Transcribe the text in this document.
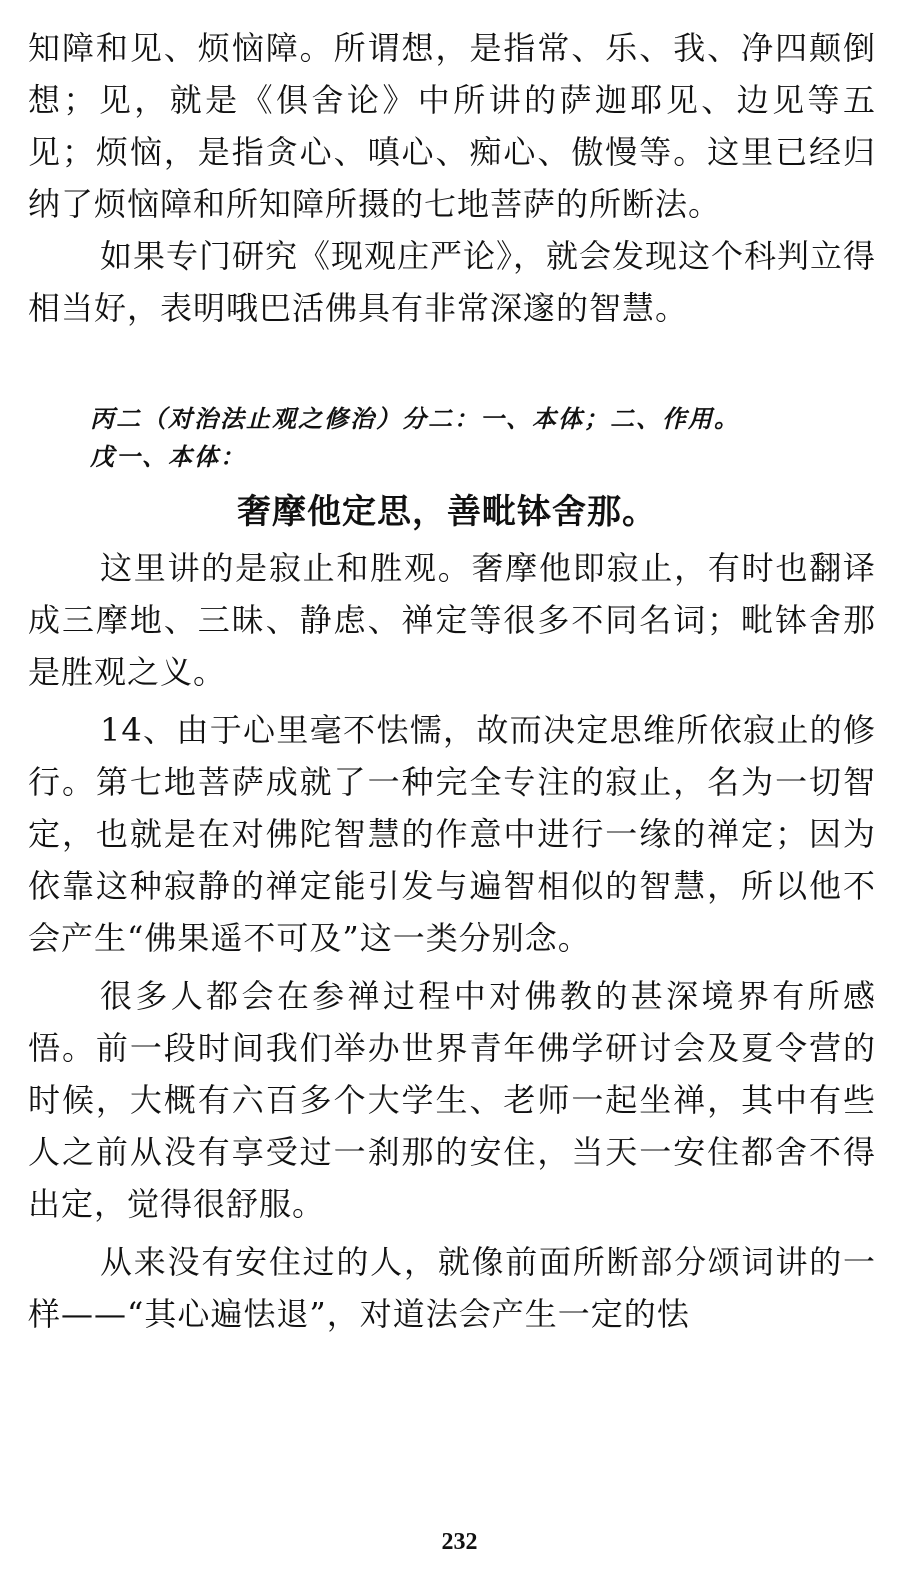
知障和见、烦恼障。所谓想，是指常、乐、我、净四颠倒想；见，就是《俱舍论》中所讲的萨迦耶见、边见等五见；烦恼，是指贪心、嗔心、痴心、傲慢等。这里已经归纳了烦恼障和所知障所摄的七地菩萨的所断法。

如果专门研究《现观庄严论》，就会发现这个科判立得相当好，表明哦巴活佛具有非常深邃的智慧。

丙二（对治法止观之修治）分二：一、本体；二、作用。

戊一、本体：

奢摩他定思，善毗钵舍那。

这里讲的是寂止和胜观。奢摩他即寂止，有时也翻译成三摩地、三昧、静虑、禅定等很多不同名词；毗钵舍那是胜观之义。

14、由于心里毫不怯懦，故而决定思维所依寂止的修行。第七地菩萨成就了一种完全专注的寂止，名为一切智定，也就是在对佛陀智慧的作意中进行一缘的禅定；因为依靠这种寂静的禅定能引发与遍智相似的智慧，所以他不会产生“佛果遥不可及”这一类分别念。

很多人都会在参禅过程中对佛教的甚深境界有所感悟。前一段时间我们举办世界青年佛学研讨会及夏令营的时候，大概有六百多个大学生、老师一起坐禅，其中有些人之前从没有享受过一刹那的安住，当天一安住都舍不得出定，觉得很舒服。

从来没有安住过的人，就像前面所断部分颂词讲的一样——“其心遍怯退”，对道法会产生一定的怯

232
